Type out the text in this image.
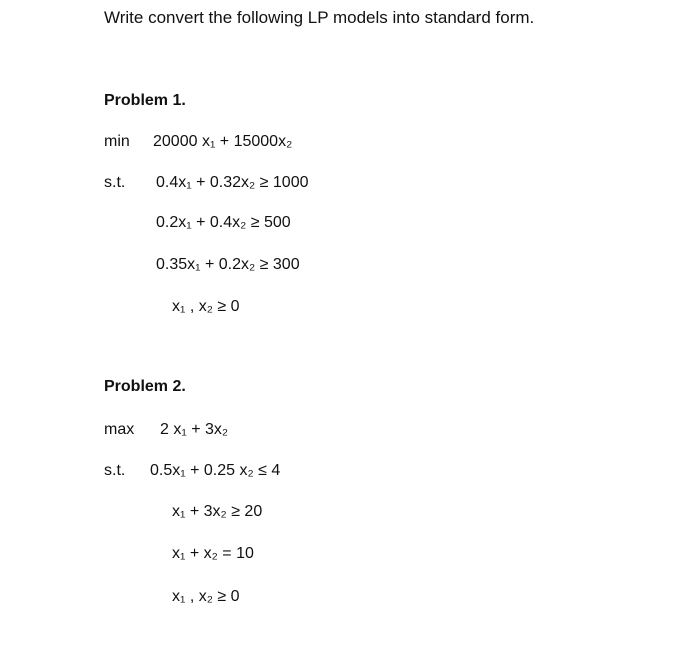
Write convert the following LP models into standard form.
Problem 1.
min 20000 x₁ + 15000x₂
s.t. 0.4x₁ + 0.32x₂ ≥ 1000
0.2x₁ + 0.4x₂ ≥ 500
0.35x₁ + 0.2x₂ ≥ 300
x₁ , x₂ ≥ 0
Problem 2.
max 2 x₁ + 3x₂
s.t. 0.5x₁ + 0.25 x₂ ≤ 4
x₁ + 3x₂ ≥ 20
x₁ + x₂ = 10
x₁ , x₂ ≥ 0
